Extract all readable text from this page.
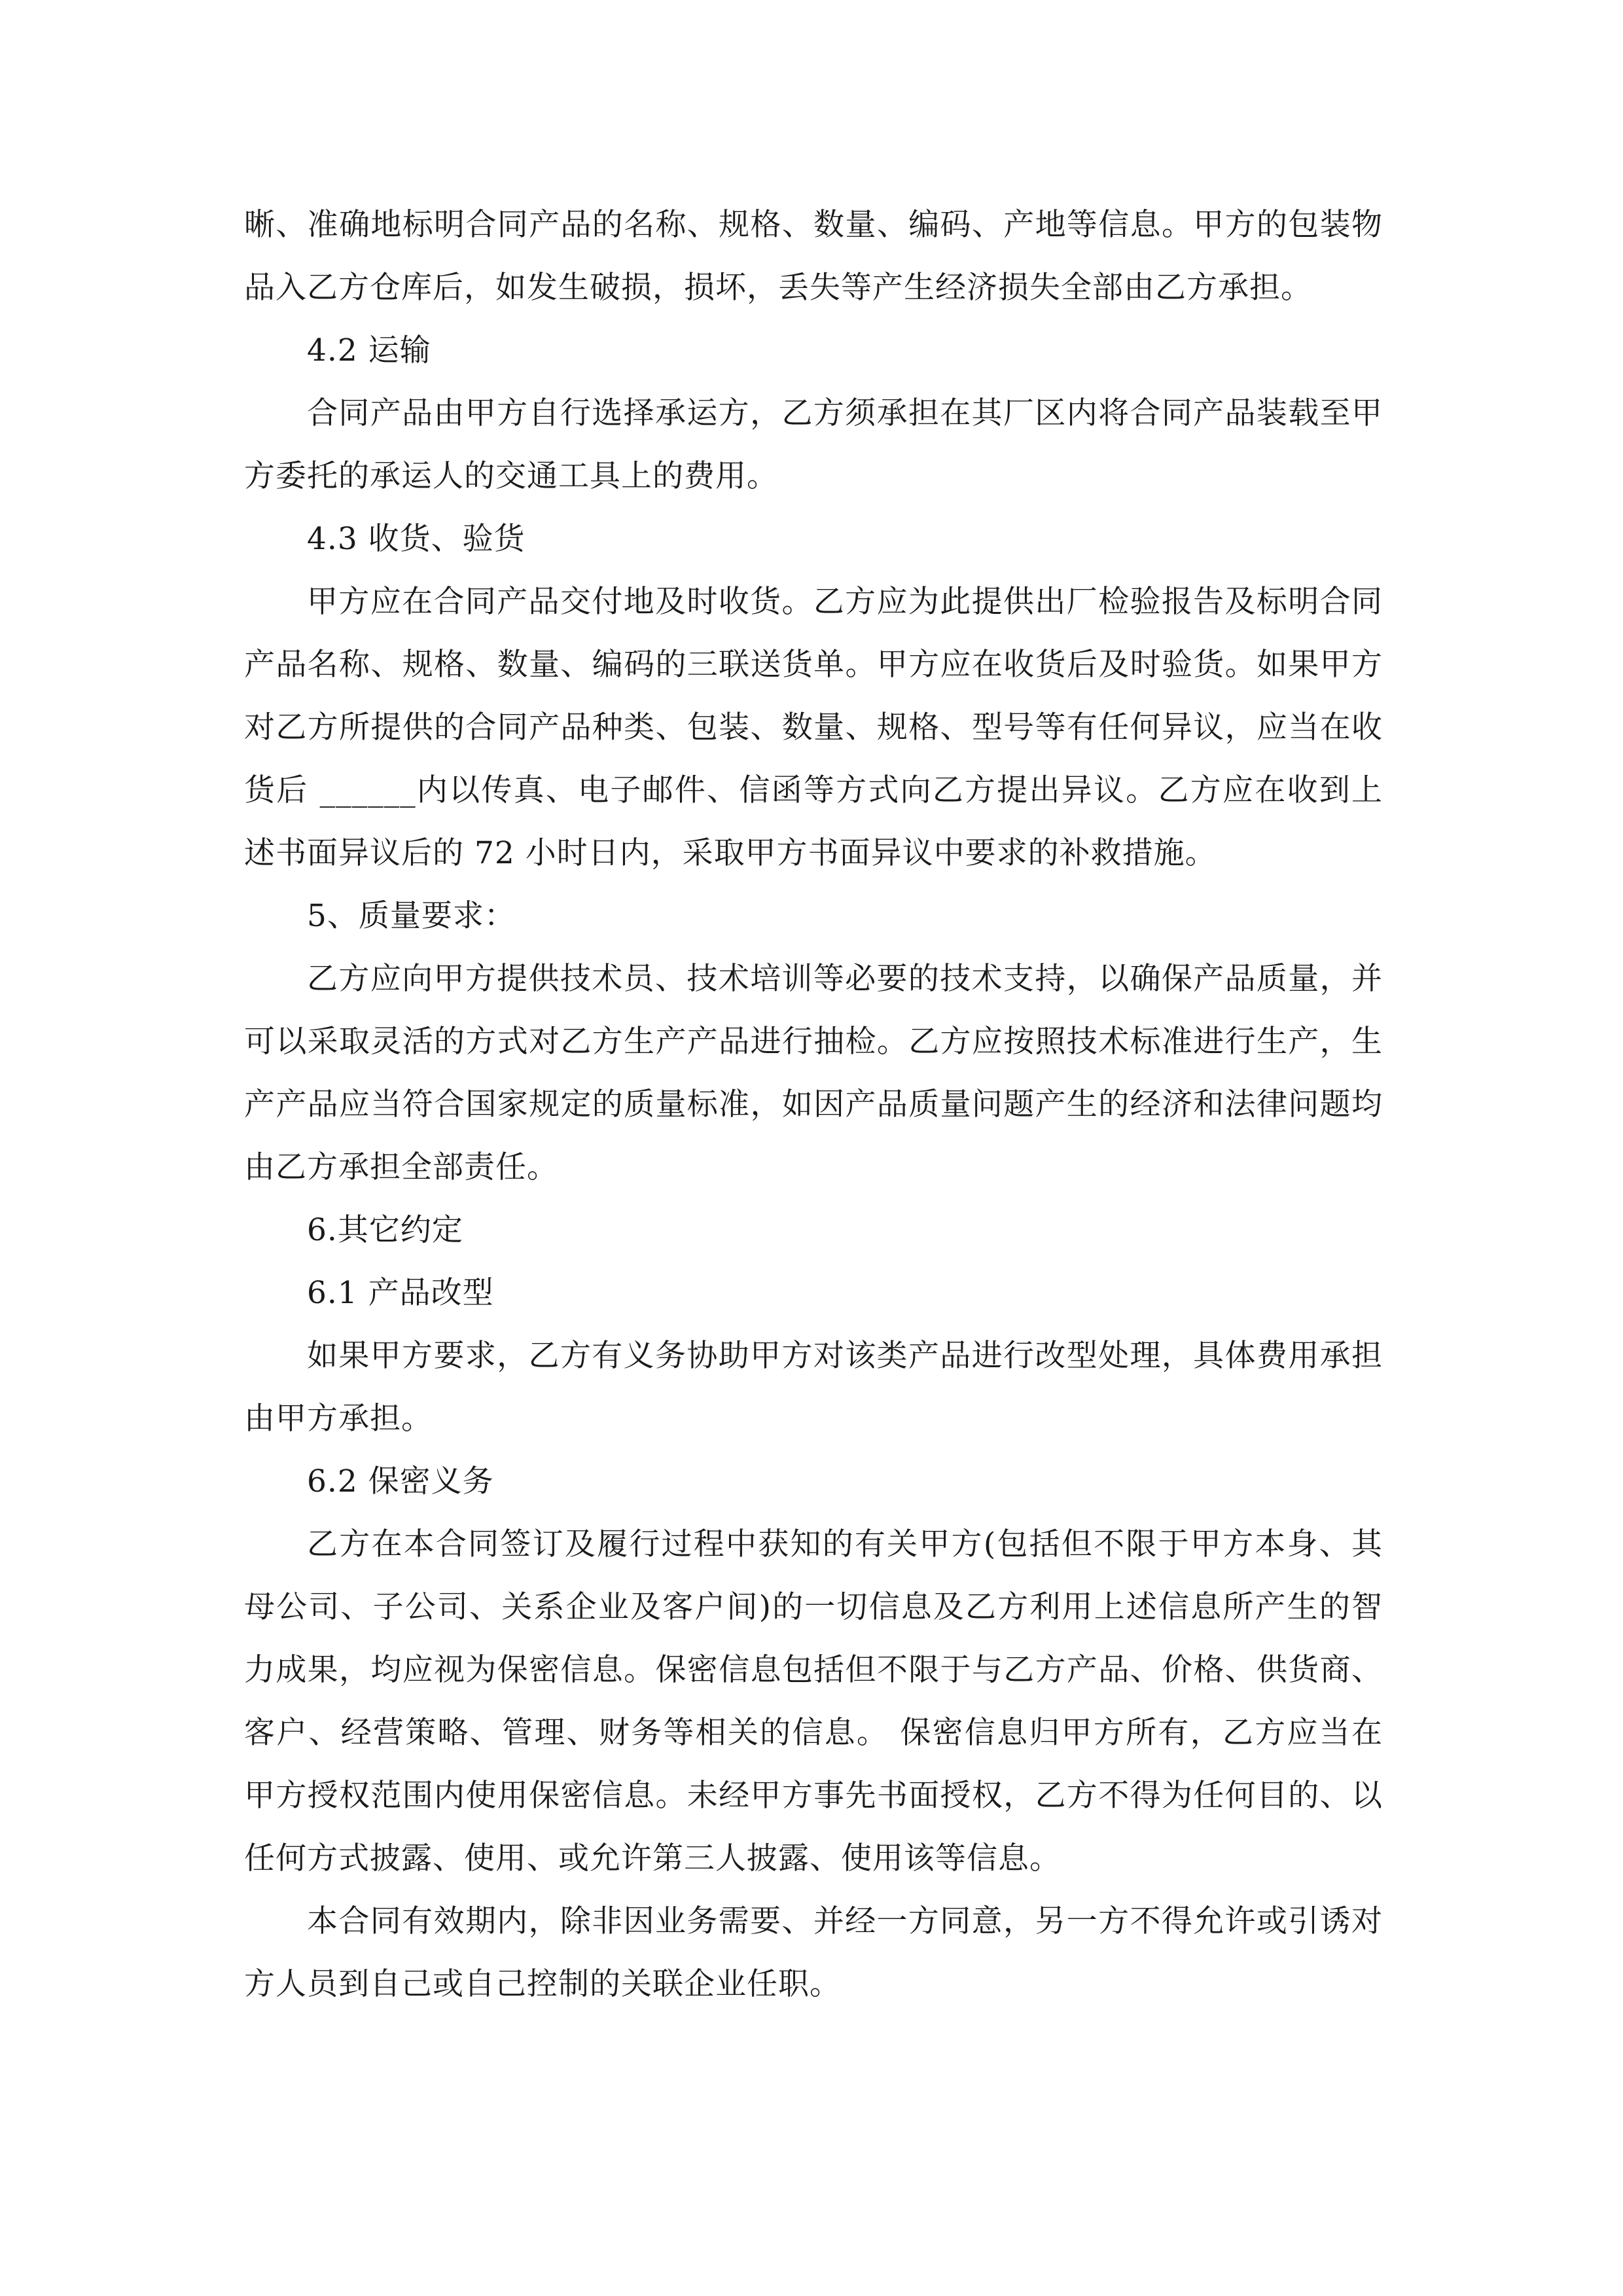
晰、准确地标明合同产品的名称、规格、数量、编码、产地等信息。甲方的包装物品入乙方仓库后，如发生破损，损坏，丢失等产生经济损失全部由乙方承担。

4.2 运输

合同产品由甲方自行选择承运方，乙方须承担在其厂区内将合同产品装载至甲方委托的承运人的交通工具上的费用。

4.3 收货、验货

甲方应在合同产品交付地及时收货。乙方应为此提供出厂检验报告及标明合同产品名称、规格、数量、编码的三联送货单。甲方应在收货后及时验货。如果甲方对乙方所提供的合同产品种类、包装、数量、规格、型号等有任何异议，应当在收货后 ______内以传真、电子邮件、信函等方式向乙方提出异议。乙方应在收到上述书面异议后的 72 小时日内，采取甲方书面异议中要求的补救措施。

5、质量要求：

乙方应向甲方提供技术员、技术培训等必要的技术支持，以确保产品质量，并可以采取灵活的方式对乙方生产产品进行抽检。乙方应按照技术标准进行生产，生产产品应当符合国家规定的质量标准，如因产品质量问题产生的经济和法律问题均由乙方承担全部责任。

6.其它约定

6.1 产品改型

如果甲方要求，乙方有义务协助甲方对该类产品进行改型处理，具体费用承担由甲方承担。

6.2 保密义务

乙方在本合同签订及履行过程中获知的有关甲方(包括但不限于甲方本身、其母公司、子公司、关系企业及客户间)的一切信息及乙方利用上述信息所产生的智力成果，均应视为保密信息。保密信息包括但不限于与乙方产品、价格、供货商、客户、经营策略、管理、财务等相关的信息。 保密信息归甲方所有，乙方应当在甲方授权范围内使用保密信息。未经甲方事先书面授权，乙方不得为任何目的、以任何方式披露、使用、或允许第三人披露、使用该等信息。

本合同有效期内，除非因业务需要、并经一方同意，另一方不得允许或引诱对方人员到自己或自己控制的关联企业任职。
